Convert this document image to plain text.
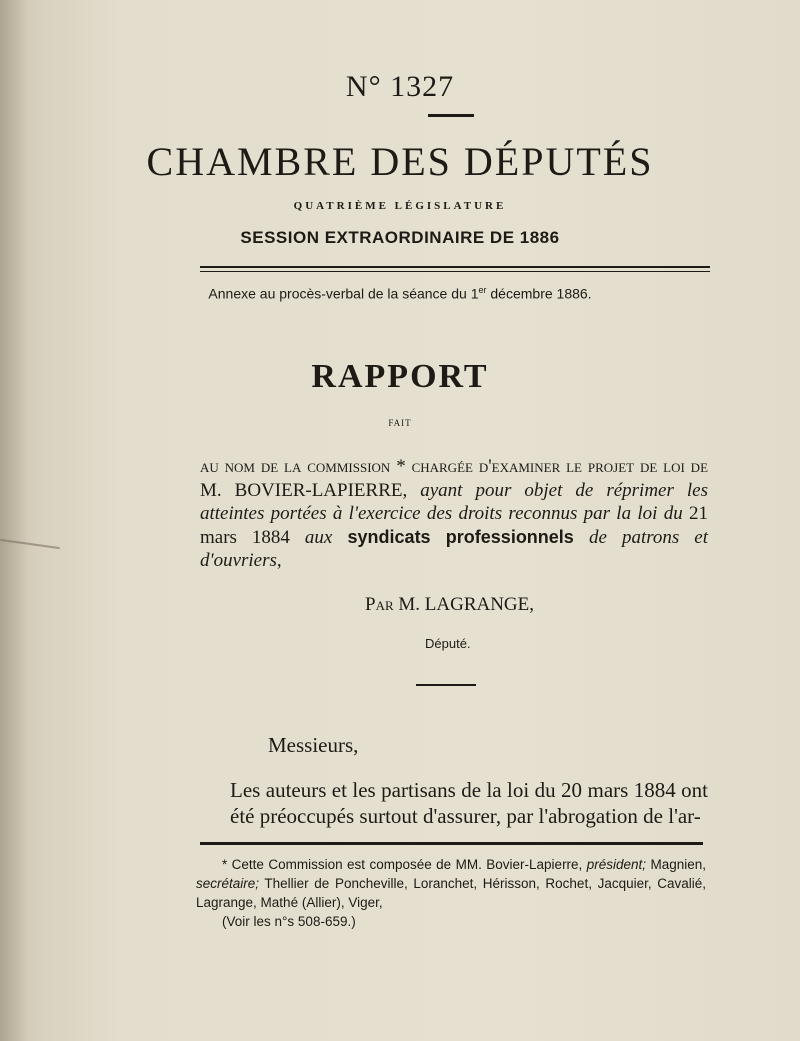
N° 1327
CHAMBRE DES DÉPUTÉS
QUATRIÈME LÉGISLATURE
SESSION EXTRAORDINAIRE DE 1886
Annexe au procès-verbal de la séance du 1er décembre 1886.
RAPPORT
FAIT
au nom de la commission * chargée d'examiner le projet de loi de M. BOVIER-LAPIERRE, ayant pour objet de réprimer les atteintes portées à l'exercice des droits reconnus par la loi du 21 mars 1884 aux syndicats professionnels de patrons et d'ouvriers,
Par M. LAGRANGE,
Député.
Messieurs,
Les auteurs et les partisans de la loi du 20 mars 1884 ont été préoccupés surtout d'assurer, par l'abrogation de l'ar-
* Cette Commission est composée de MM. Bovier-Lapierre, président; Magnien, secrétaire; Thellier de Poncheville, Loranchet, Hérisson, Rochet, Jacquier, Cavalié, Lagrange, Mathé (Allier), Viger,
(Voir les n°s 508-659.)
